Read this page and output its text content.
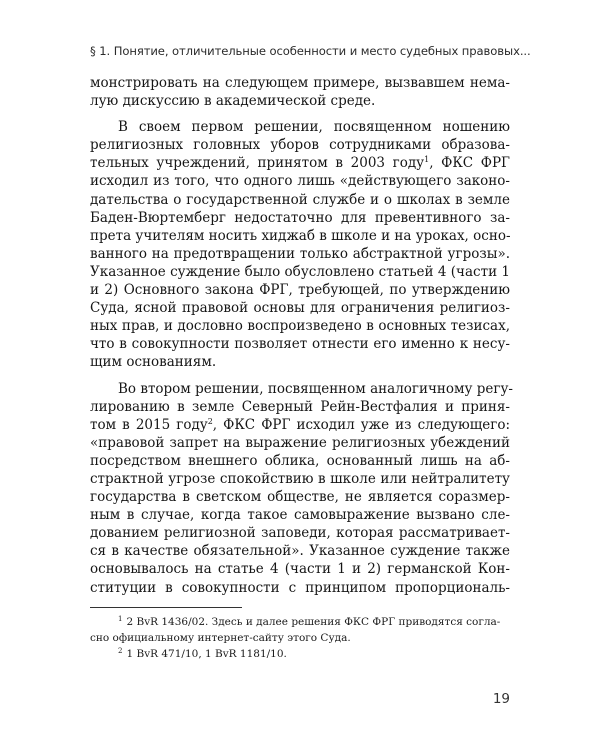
§ 1. Понятие, отличительные особенности и место судебных правовых...
монстрировать на следующем примере, вызвавшем нема-
лую дискуссию в академической среде.
В своем первом решении, посвященном ношению
религиозных головных уборов сотрудниками образова-
тельных учреждений, принятом в 2003 году$^1$, ФКС ФРГ
исходил из того, что одного лишь «действующего законо-
дательства о государственной службе и о школах в земле
Баден-Вюртемберг недостаточно для превентивного за-
прета учителям носить хиджаб в школе и на уроках, осно-
ванного на предотвращении только абстрактной угрозы».
Указанное суждение было обусловлено статьей 4 (части 1
и 2) Основного закона ФРГ, требующей, по утверждению
Суда, ясной правовой основы для ограничения религиоз-
ных прав, и дословно воспроизведено в основных тезисах,
что в совокупности позволяет отнести его именно к несу-
щим основаниям.
Во втором решении, посвященном аналогичному регу-
лированию в земле Северный Рейн-Вестфалия и приня-
том в 2015 году$^2$, ФКС ФРГ исходил уже из следующего:
«правовой запрет на выражение религиозных убеждений
посредством внешнего облика, основанный лишь на аб-
страктной угрозе спокойствию в школе или нейтралитету
государства в светском обществе, не является соразмер-
ным в случае, когда такое самовыражение вызвано сле-
дованием религиозной заповеди, которая рассматривает-
ся в качестве обязательной». Указанное суждение также
основывалось на статье 4 (части 1 и 2) германской Кон-
ституции в совокупности с принципом пропорциональ-
$^1$ 2 BvR 1436/02. Здесь и далее решения ФКС ФРГ приводятся согла-
сно официальному интернет-сайту этого Суда.
$^2$ 1 BvR 471/10, 1 BvR 1181/10.
19
